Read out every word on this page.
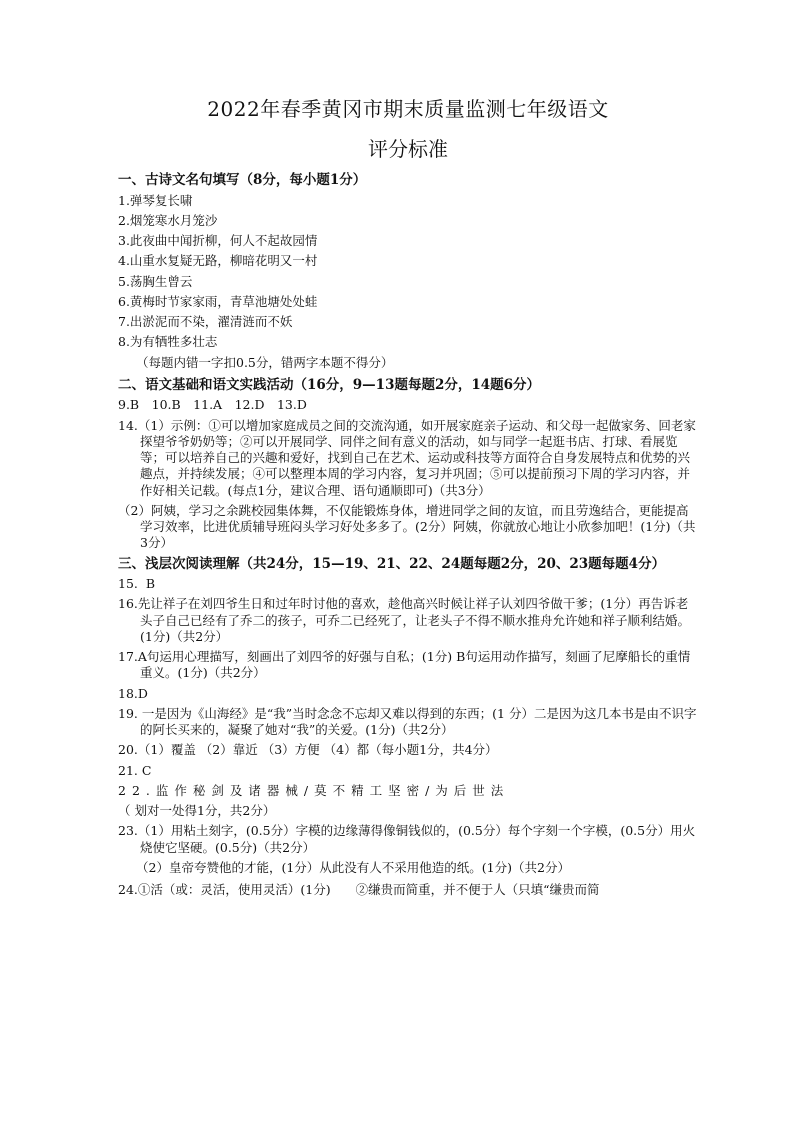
2022年春季黄冈市期末质量监测七年级语文
评分标准
一、古诗文名句填写（8分，每小题1分）
1.弹琴复长啸
2.烟笼寒水月笼沙
3.此夜曲中闻折柳，何人不起故园情
4.山重水复疑无路，柳暗花明又一村
5.荡胸生曾云
6.黄梅时节家家雨，青草池塘处处蛙
7.出淤泥而不染，濯清涟而不妖
8.为有牺牲多壮志
（每题内错一字扣0.5分，错两字本题不得分）
二、语文基础和语文实践活动（16分，9—13题每题2分，14题6分）
9.B　10.B　11.A　12.D　13.D
14.（1）示例：①可以增加家庭成员之间的交流沟通，如开展家庭亲子运动、和父母一起做家务、回老家探望爷爷奶奶等；②可以开展同学、同伴之间有意义的活动，如与同学一起逛书店、打球、看展览等；可以培养自己的兴趣和爱好，找到自己在艺术、运动或科技等方面符合自身发展特点和优势的兴趣点，并持续发展；④可以整理本周的学习内容，复习并巩固；⑤可以提前预习下周的学习内容，并作好相关记载。(每点1分，建议合理、语句通顺即可)（共3分）
（2）阿姨，学习之余跳校园集体舞，不仅能锻炼身体，增进同学之间的友谊，而且劳逸结合，更能提高学习效率，比进优质辅导班闷头学习好处多多了。(2分）阿姨，你就放心地让小欣参加吧！(1分)（共3分）
三、浅层次阅读理解（共24分，15—19、21、22、24题每题2分，20、23题每题4分）
15.  B
16.先让祥子在刘四爷生日和过年时讨他的喜欢，趁他高兴时候让祥子认刘四爷做干爹；(1分）再告诉老头子自己已经有了乔二的孩子，可乔二已经死了，让老头子不得不顺水推舟允许她和祥子顺利结婚。(1分)（共2分）
17.A句运用心理描写，刻画出了刘四爷的好强与自私；(1分) B句运用动作描写，刻画了尼摩船长的重情重义。(1分)（共2分）
18.D
19. 一是因为《山海经》是“我”当时念念不忘却又难以得到的东西；(1 分）二是因为这几本书是由不识字的阿长买来的，凝聚了她对“我”的关爱。(1分)（共2分）
20.（1）覆盖 （2）靠近 （3）方便 （4）都（每小题1分，共4分）
21. C
22.监作秘剑及诸器械/莫不精工坚密/为后世法
（ 划对一处得1分，共2分）
23.（1）用粘土刻字，(0.5分）字模的边缘薄得像铜钱似的，(0.5分）每个字刻一个字模，(0.5分）用火烧使它坚硬。(0.5分)（共2分）
（2）皇帝夸赞他的才能，(1分）从此没有人不采用他造的纸。(1分)（共2分）
24.①活（或：灵活，使用灵活）(1分)　　②缣贵而简重，并不便于人（只填“缣贵而简
